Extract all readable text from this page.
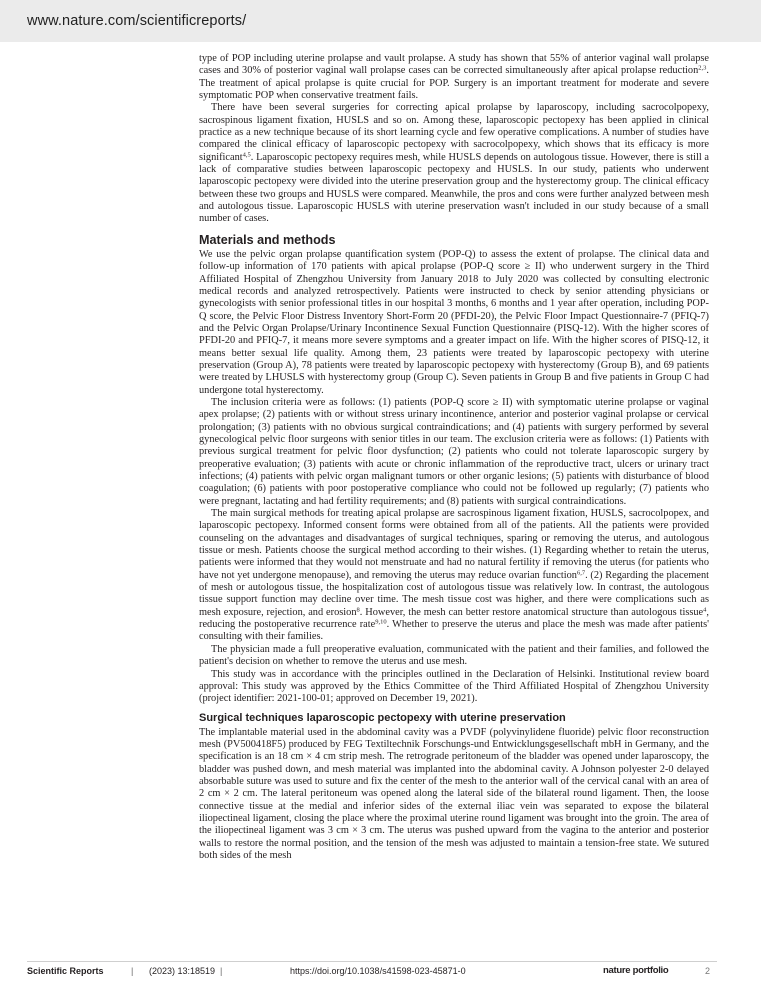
www.nature.com/scientificreports/

type of POP including uterine prolapse and vault prolapse. A study has shown that 55% of anterior vaginal wall prolapse cases and 30% of posterior vaginal wall prolapse cases can be corrected simultaneously after apical prolapse reduction$^{2,3}$. The treatment of apical prolapse is quite crucial for POP. Surgery is an important treatment for moderate and severe symptomatic POP when conservative treatment fails.

There have been several surgeries for correcting apical prolapse by laparoscopy, including sacrocolpopexy, sacrospinous ligament fixation, HUSLS and so on. Among these, laparoscopic pectopexy has been applied in clinical practice as a new technique because of its short learning cycle and few operative complications. A number of studies have compared the clinical efficacy of laparoscopic pectopexy with sacrocolpopexy, which shows that its efficacy is more significant$^{4,5}$. Laparoscopic pectopexy requires mesh, while HUSLS depends on autologous tissue. However, there is still a lack of comparative studies between laparoscopic pectopexy and HUSLS. In our study, patients who underwent laparoscopic pectopexy were divided into the uterine preservation group and the hysterectomy group. The clinical efficacy between these two groups and HUSLS were compared. Meanwhile, the pros and cons were further analyzed between mesh and autologous tissue. Laparoscopic HUSLS with uterine preservation wasn't included in our study because of a small number of cases.

Materials and methods

We use the pelvic organ prolapse quantification system (POP-Q) to assess the extent of prolapse. The clinical data and follow-up information of 170 patients with apical prolapse (POP-Q score ≥ II) who underwent surgery in the Third Affiliated Hospital of Zhengzhou University from January 2018 to July 2020 was collected by consulting electronic medical records and analyzed retrospectively. Patients were instructed to check by senior attending physicians or gynecologists with senior professional titles in our hospital 3 months, 6 months and 1 year after operation, including POP-Q score, the Pelvic Floor Distress Inventory Short-Form 20 (PFDI-20), the Pelvic Floor Impact Questionnaire-7 (PFIQ-7) and the Pelvic Organ Prolapse/Urinary Incontinence Sexual Function Questionnaire (PISQ-12). With the higher scores of PFDI-20 and PFIQ-7, it means more severe symptoms and a greater impact on life. With the higher scores of PISQ-12, it means better sexual life quality. Among them, 23 patients were treated by laparoscopic pectopexy with uterine preservation (Group A), 78 patients were treated by laparoscopic pectopexy with hysterectomy (Group B), and 69 patients were treated by LHUSLS with hysterectomy group (Group C). Seven patients in Group B and five patients in Group C had undergone total hysterectomy.

The inclusion criteria were as follows: (1) patients (POP-Q score ≥ II) with symptomatic uterine prolapse or vaginal apex prolapse; (2) patients with or without stress urinary incontinence, anterior and posterior vaginal prolapse or cervical prolongation; (3) patients with no obvious surgical contraindications; and (4) patients with surgery performed by several gynecological pelvic floor surgeons with senior titles in our team. The exclusion criteria were as follows: (1) Patients with previous surgical treatment for pelvic floor dysfunction; (2) patients who could not tolerate laparoscopic surgery by preoperative evaluation; (3) patients with acute or chronic inflammation of the reproductive tract, ulcers or urinary tract infections; (4) patients with pelvic organ malignant tumors or other organic lesions; (5) patients with disturbance of blood coagulation; (6) patients with poor postoperative compliance who could not be followed up regularly; (7) patients who were pregnant, lactating and had fertility requirements; and (8) patients with surgical contraindications.

The main surgical methods for treating apical prolapse are sacrospinous ligament fixation, HUSLS, sacrocolpopex, and laparoscopic pectopexy. Informed consent forms were obtained from all of the patients. All the patients were provided counseling on the advantages and disadvantages of surgical techniques, sparing or removing the uterus, and autologous tissue or mesh. Patients choose the surgical method according to their wishes. (1) Regarding whether to retain the uterus, patients were informed that they would not menstruate and had no natural fertility if removing the uterus (for patients who have not yet undergone menopause), and removing the uterus may reduce ovarian function$^{6,7}$. (2) Regarding the placement of mesh or autologous tissue, the hospitalization cost of autologous tissue was relatively low. In contrast, the autologous tissue support function may decline over time. The mesh tissue cost was higher, and there were complications such as mesh exposure, rejection, and erosion$^8$. However, the mesh can better restore anatomical structure than autologous tissue$^4$, reducing the postoperative recurrence rate$^{9,10}$. Whether to preserve the uterus and place the mesh was made after patients' consulting with their families.

The physician made a full preoperative evaluation, communicated with the patient and their families, and followed the patient's decision on whether to remove the uterus and use mesh.

This study was in accordance with the principles outlined in the Declaration of Helsinki. Institutional review board approval: This study was approved by the Ethics Committee of the Third Affiliated Hospital of Zhengzhou University (project identifier: 2021-100-01; approved on December 19, 2021).

Surgical techniques laparoscopic pectopexy with uterine preservation

The implantable material used in the abdominal cavity was a PVDF (polyvinylidene fluoride) pelvic floor reconstruction mesh (PV500418F5) produced by FEG Textiltechnik Forschungs-und Entwicklungsgesellschaft mbH in Germany, and the specification is an 18 cm × 4 cm strip mesh. The retrograde peritoneum of the bladder was opened under laparoscopy, the bladder was pushed down, and mesh material was implanted into the abdominal cavity. A Johnson polyester 2-0 delayed absorbable suture was used to suture and fix the center of the mesh to the anterior wall of the cervical canal with an area of 2 cm × 2 cm. The lateral peritoneum was opened along the lateral side of the bilateral round ligament. Then, the loose connective tissue at the medial and inferior sides of the external iliac vein was separated to expose the bilateral iliopectineal ligament, closing the place where the proximal uterine round ligament was brought into the groin. The area of the iliopectineal ligament was 3 cm × 3 cm. The uterus was pushed upward from the vagina to the anterior and posterior walls to restore the normal position, and the tension of the mesh was adjusted to maintain a tension-free state. We sutured both sides of the mesh

Scientific Reports	| (2023) 13:18519 |	https://doi.org/10.1038/s41598-023-45871-0	nature portfolio	2
